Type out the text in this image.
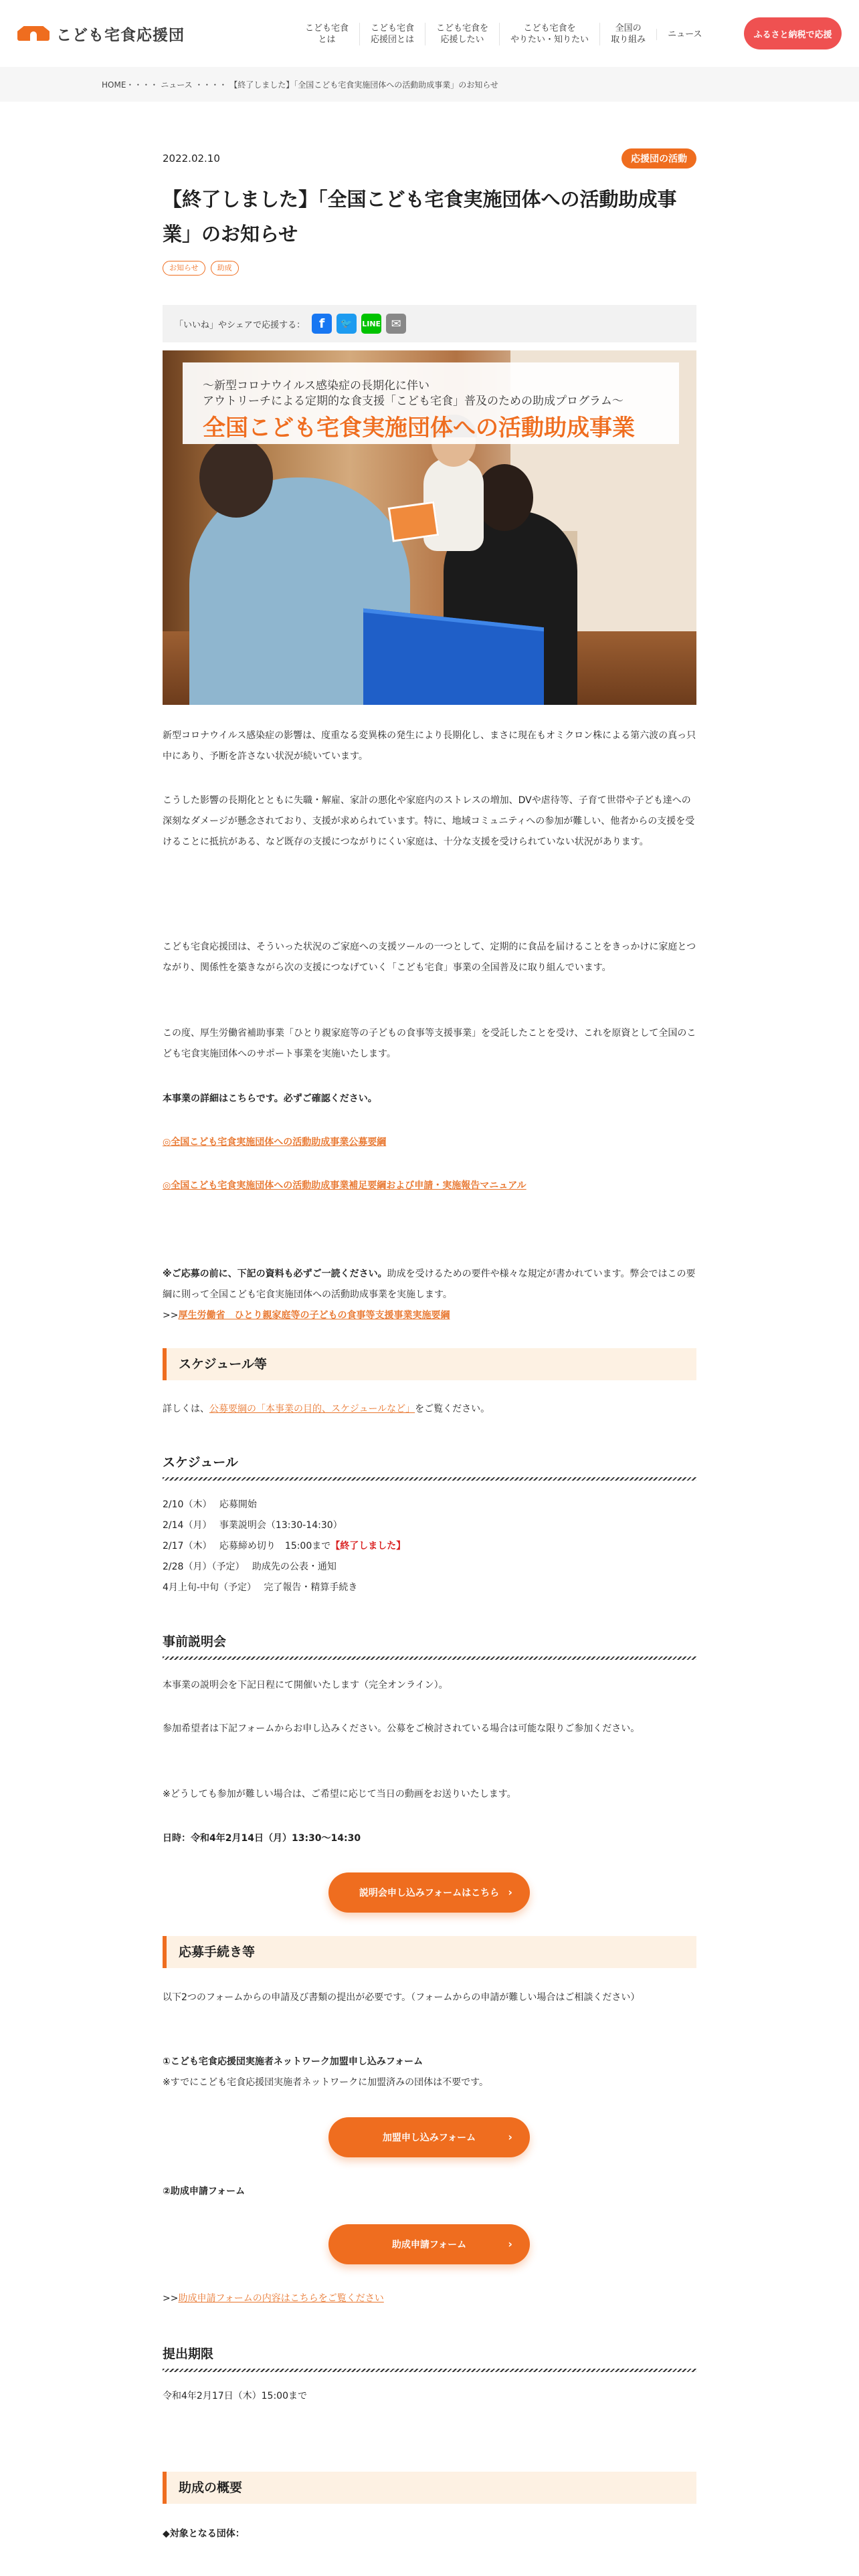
こども宅食応援団	こども宅食
とは
こども宅食
応援団とは
こども宅食を
応援したい
こども宅食を
やりたい・知りたい
全国の
取り組み
ニュース	ふるさと納税で応援
HOME・・・・ ニュース ・・・・ 【終了しました】「全国こども宅食実施団体への活動助成事業」のお知らせ
2022.02.10	応援団の活動
【終了しました】「全国こども宅食実施団体への活動助成事業」のお知らせ
お知らせ	助成
「いいね」やシェアで応援する：	f	🐦	LINE ✉
〜新型コロナウイルス感染症の長期化に伴い
アウトリーチによる定期的な食支援「こども宅食」普及のための助成プログラム〜
全国こども宅食実施団体への活動助成事業

新型コロナウイルス感染症の影響は、度重なる変異株の発生により長期化し、まさに現在もオミクロン株による第六波の真っ只中にあり、予断を許さない状況が続いています。

こうした影響の長期化とともに失職・解雇、家計の悪化や家庭内のストレスの増加、DVや虐待等、子育て世帯や子ども達への深刻なダメージが懸念されており、支援が求められています。特に、地域コミュニティへの参加が難しい、他者からの支援を受けることに抵抗がある、など既存の支援につながりにくい家庭は、十分な支援を受けられていない状況があります。

こども宅食応援団は、そういった状況のご家庭への支援ツールの一つとして、定期的に食品を届けることをきっかけに家庭とつながり、関係性を築きながら次の支援につなげていく「こども宅食」事業の全国普及に取り組んでいます。

この度、厚生労働省補助事業「ひとり親家庭等の子どもの食事等支援事業」を受託したことを受け、これを原資として全国のこども宅食実施団体へのサポート事業を実施いたします。

本事業の詳細はこちらです。必ずご確認ください。

◎全国こども宅食実施団体への活動助成事業公募要綱

◎全国こども宅食実施団体への活動助成事業補足要綱および申請・実施報告マニュアル

※ご応募の前に、下記の資料も必ずご一読ください。助成を受けるための要件や様々な規定が書かれています。弊会ではこの要綱に則って全国こども宅食実施団体への活動助成事業を実施します。
>>厚生労働省　ひとり親家庭等の子どもの食事等支援事業実施要綱

スケジュール等

詳しくは、公募要綱の「本事業の目的、スケジュールなど」をご覧ください。

スケジュール
2/10（木）　 応募開始
2/14（月）　 事業説明会（13:30-14:30）
2/17（木）　 応募締め切り　15:00まで【終了しました】
2/28（月）（予定）　 助成先の公表・通知
4月上旬-中旬（予定）　 完了報告・精算手続き
事前説明会

本事業の説明会を下記日程にて開催いたします（完全オンライン）。

参加希望者は下記フォームからお申し込みください。公募をご検討されている場合は可能な限りご参加ください。

※どうしても参加が難しい場合は、ご希望に応じて当日の動画をお送りいたします。

日時：令和4年2月14日（月）13:30〜14:30

説明会申し込みフォームはこちら ›
応募手続き等

以下2つのフォームからの申請及び書類の提出が必要です。（フォームからの申請が難しい場合はご相談ください）

①こども宅食応援団実施者ネットワーク加盟申し込みフォーム

※すでにこども宅食応援団実施者ネットワークに加盟済みの団体は不要です。

加盟申し込みフォーム	›

②助成申請フォーム

助成申請フォーム	›

>>助成申請フォームの内容はこちらをご覧ください

提出期限

令和4年2月17日（木）15:00まで

助成の概要

◆対象となる団体：
